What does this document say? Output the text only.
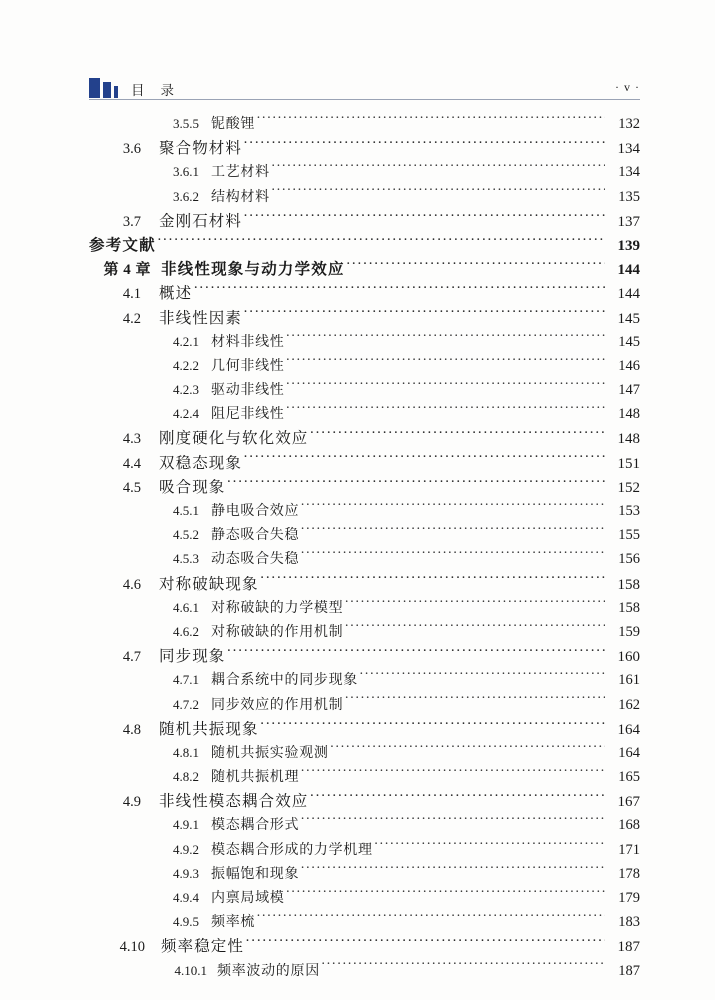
目    录	· v ·
3.5.5 铌酸锂 ·····	132
3.6 聚合物材料 ·····	134
3.6.1 工艺材料 ·····	134
3.6.2 结构材料 ·····	135
3.7 金刚石材料 ·····	137
参考文献 ·····	139
第 4 章 非线性现象与动力学效应 ·····	144
4.1 概述 ·····	144
4.2 非线性因素 ·····	145
4.2.1 材料非线性 ·····	145
4.2.2 几何非线性 ·····	146
4.2.3 驱动非线性 ·····	147
4.2.4 阻尼非线性 ·····	148
4.3 刚度硬化与软化效应 ·····	148
4.4 双稳态现象 ·····	151
4.5 吸合现象 ·····	152
4.5.1 静电吸合效应 ·····	153
4.5.2 静态吸合失稳 ·····	155
4.5.3 动态吸合失稳 ·····	156
4.6 对称破缺现象 ·····	158
4.6.1 对称破缺的力学模型 ·····	158
4.6.2 对称破缺的作用机制 ·····	159
4.7 同步现象 ·····	160
4.7.1 耦合系统中的同步现象 ·····	161
4.7.2 同步效应的作用机制 ·····	162
4.8 随机共振现象 ·····	164
4.8.1 随机共振实验观测 ·····	164
4.8.2 随机共振机理 ·····	165
4.9 非线性模态耦合效应 ·····	167
4.9.1 模态耦合形式 ·····	168
4.9.2 模态耦合形成的力学机理 ·····	171
4.9.3 振幅饱和现象 ·····	178
4.9.4 内禀局域模 ·····	179
4.9.5 频率梳 ·····	183
4.10 频率稳定性 ·····	187
4.10.1 频率波动的原因 ·····	187
